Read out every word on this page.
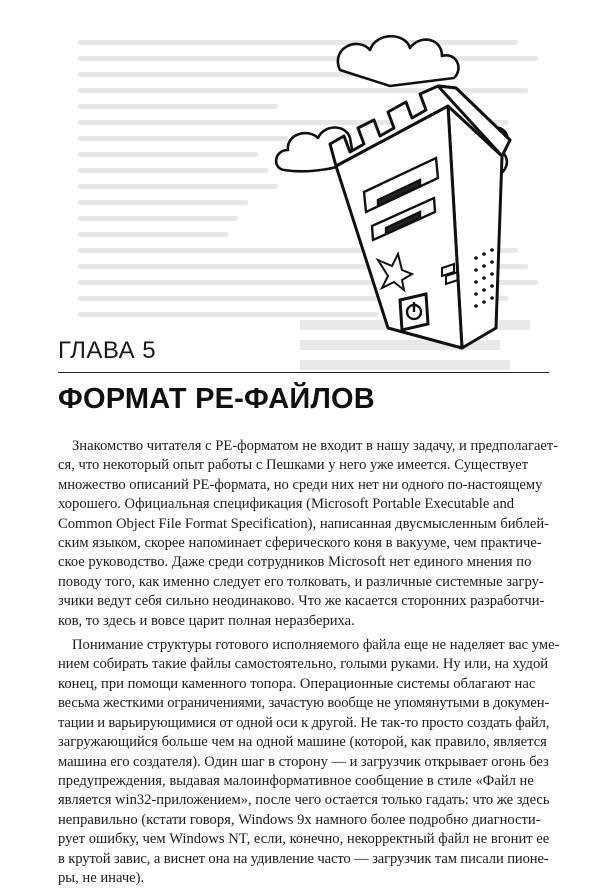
ГЛАВА 5
ФОРМАТ PE-ФАЙЛОВ
Знакомство читателя с PE-форматом не входит в нашу задачу, и предполагает-
ся, что некоторый опыт работы с Пешками у него уже имеется. Существует
множество описаний PE-формата, но среди них нет ни одного по-настоящему
хорошего. Официальная спецификация (Microsoft Portable Executable and
Common Object File Format Specification), написанная двусмысленным библей-
ским языком, скорее напоминает сферического коня в вакууме, чем практиче-
ское руководство. Даже среди сотрудников Microsoft нет единого мнения по
поводу того, как именно следует его толковать, и различные системные загру-
зчики ведут себя сильно неодинаково. Что же касается сторонних разработчи-
ков, то здесь и вовсе царит полная неразбериха.
Понимание структуры готового исполняемого файла еще не наделяет вас уме-
нием собирать такие файлы самостоятельно, голыми руками. Ну или, на худой
конец, при помощи каменного топора. Операционные системы облагают нас
весьма жесткими ограничениями, зачастую вообще не упомянутыми в докумен-
тации и варьирующимися от одной оси к другой. Не так-то просто создать файл,
загружающийся больше чем на одной машине (которой, как правило, является
машина его создателя). Один шаг в сторону — и загрузчик открывает огонь без
предупреждения, выдавая малоинформативное сообщение в стиле «Файл не
является win32-приложением», после чего остается только гадать: что же здесь
неправильно (кстати говоря, Windows 9x намного более подробно диагности-
рует ошибку, чем Windows NT, если, конечно, некорректный файл не вгонит ее
в крутой завис, а виснет она на удивление часто — загрузчик там писали пионе-
ры, не иначе).
